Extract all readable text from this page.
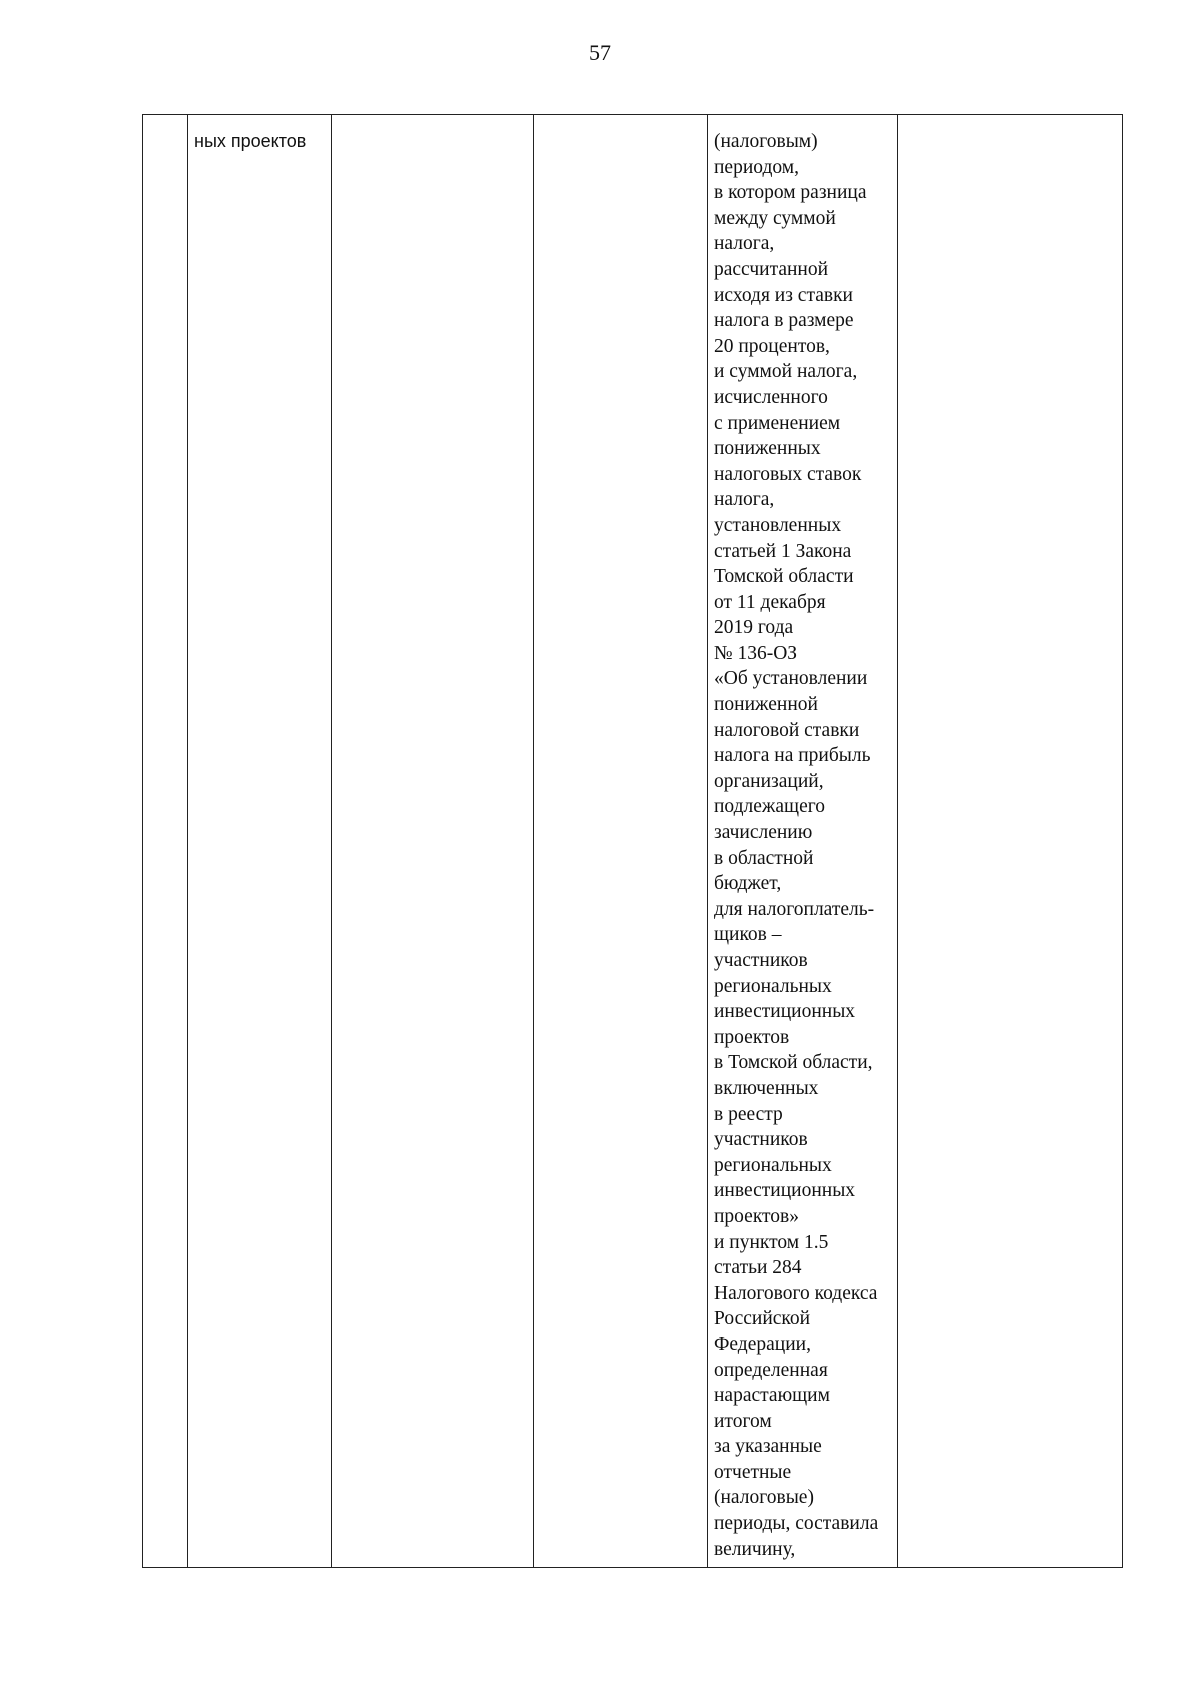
57

ных проектов			(налоговым)
периодом,
в котором разница
между суммой
налога,
рассчитанной
исходя из ставки
налога в размере
20 процентов,
и суммой налога,
исчисленного
с применением
пониженных
налоговых ставок
налога,
установленных
статьей 1 Закона
Томской области
от 11 декабря
2019 года
№ 136-ОЗ
«Об установлении
пониженной
налоговой ставки
налога на прибыль
организаций,
подлежащего
зачислению
в областной
бюджет,
для налогоплатель-
щиков –
участников
региональных
инвестиционных
проектов
в Томской области,
включенных
в реестр
участников
региональных
инвестиционных
проектов»
и пунктом 1.5
статьи 284
Налогового кодекса
Российской
Федерации,
определенная
нарастающим
итогом
за указанные
отчетные
(налоговые)
периоды, составила
величину,
